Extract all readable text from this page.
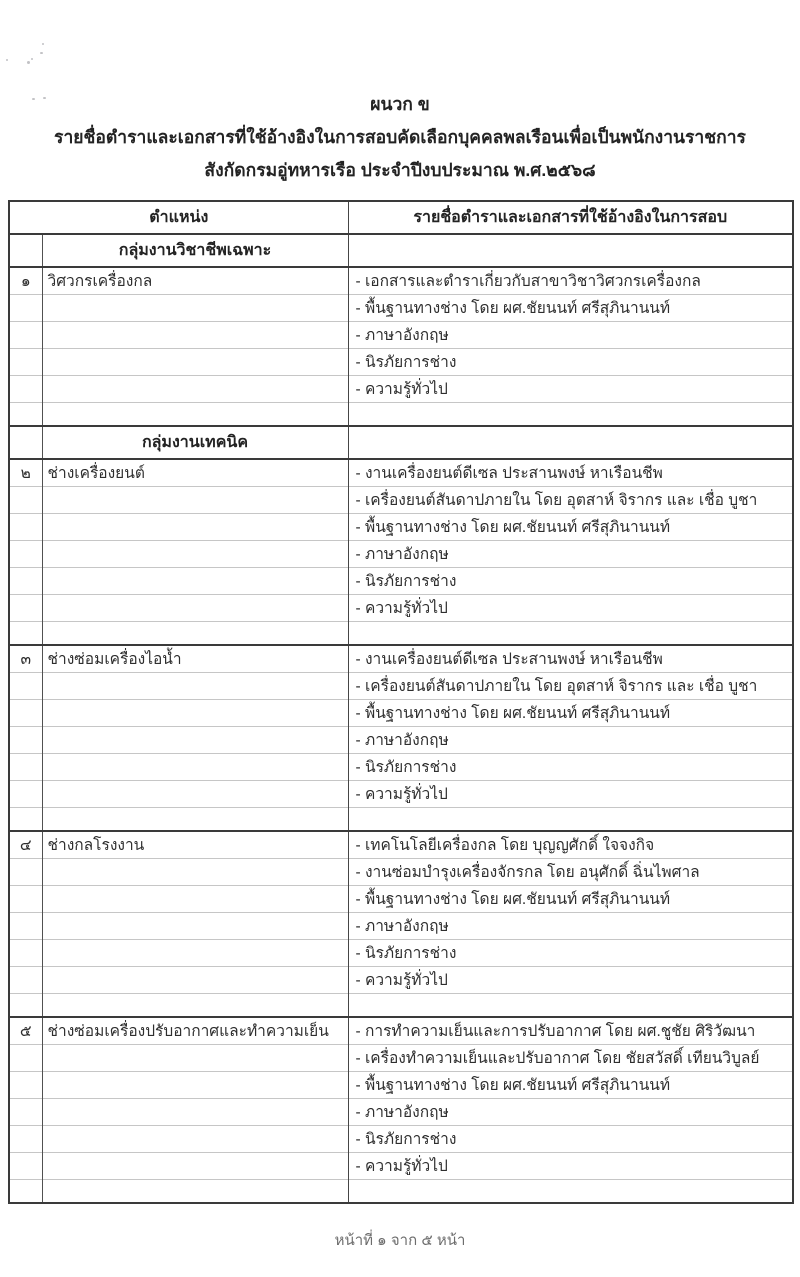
ผนวก ข
รายชื่อตำราและเอกสารที่ใช้อ้างอิงในการสอบคัดเลือกบุคคลพลเรือนเพื่อเป็นพนักงานราชการ
สังกัดกรมอู่ทหารเรือ ประจำปีงบประมาณ พ.ศ.๒๕๖๘
ตำแหน่ง		รายชื่อตำราและเอกสารที่ใช้อ้างอิงในการสอบ
	กลุ่มงานวิชาชีพเฉพาะ	
๑	วิศวกรเครื่องกล	- เอกสารและตำราเกี่ยวกับสาขาวิชาวิศวกรเครื่องกล
		- พื้นฐานทางช่าง โดย ผศ.ชัยนนท์ ศรีสุภินานนท์
		- ภาษาอังกฤษ
		- นิรภัยการช่าง
		- ความรู้ทั่วไป

	กลุ่มงานเทคนิค	
๒	ช่างเครื่องยนต์	- งานเครื่องยนต์ดีเซล ประสานพงษ์ หาเรือนชีพ
		- เครื่องยนต์สันดาปภายใน โดย อุตสาห์ จิรากร และ เชื่อ บูชา
		- พื้นฐานทางช่าง โดย ผศ.ชัยนนท์ ศรีสุภินานนท์
		- ภาษาอังกฤษ
		- นิรภัยการช่าง
		- ความรู้ทั่วไป

๓	ช่างซ่อมเครื่องไอน้ำ	- งานเครื่องยนต์ดีเซล ประสานพงษ์ หาเรือนชีพ
		- เครื่องยนต์สันดาปภายใน โดย อุตสาห์ จิรากร และ เชื่อ บูชา
		- พื้นฐานทางช่าง โดย ผศ.ชัยนนท์ ศรีสุภินานนท์
		- ภาษาอังกฤษ
		- นิรภัยการช่าง
		- ความรู้ทั่วไป

๔	ช่างกลโรงงาน	- เทคโนโลยีเครื่องกล โดย บุญญศักดิ์ ใจจงกิจ
		- งานซ่อมบำรุงเครื่องจักรกล โดย อนุศักดิ์ ฉิ่นไพศาล
		- พื้นฐานทางช่าง โดย ผศ.ชัยนนท์ ศรีสุภินานนท์
		- ภาษาอังกฤษ
		- นิรภัยการช่าง
		- ความรู้ทั่วไป

๕	ช่างซ่อมเครื่องปรับอากาศและทำความเย็น	- การทำความเย็นและการปรับอากาศ โดย ผศ.ชูชัย ศิริวัฒนา
		- เครื่องทำความเย็นและปรับอากาศ โดย ชัยสวัสดิ์ เทียนวิบูลย์
		- พื้นฐานทางช่าง โดย ผศ.ชัยนนท์ ศรีสุภินานนท์
		- ภาษาอังกฤษ
		- นิรภัยการช่าง
		- ความรู้ทั่วไป

หน้าที่ ๑ จาก ๕ หน้า
